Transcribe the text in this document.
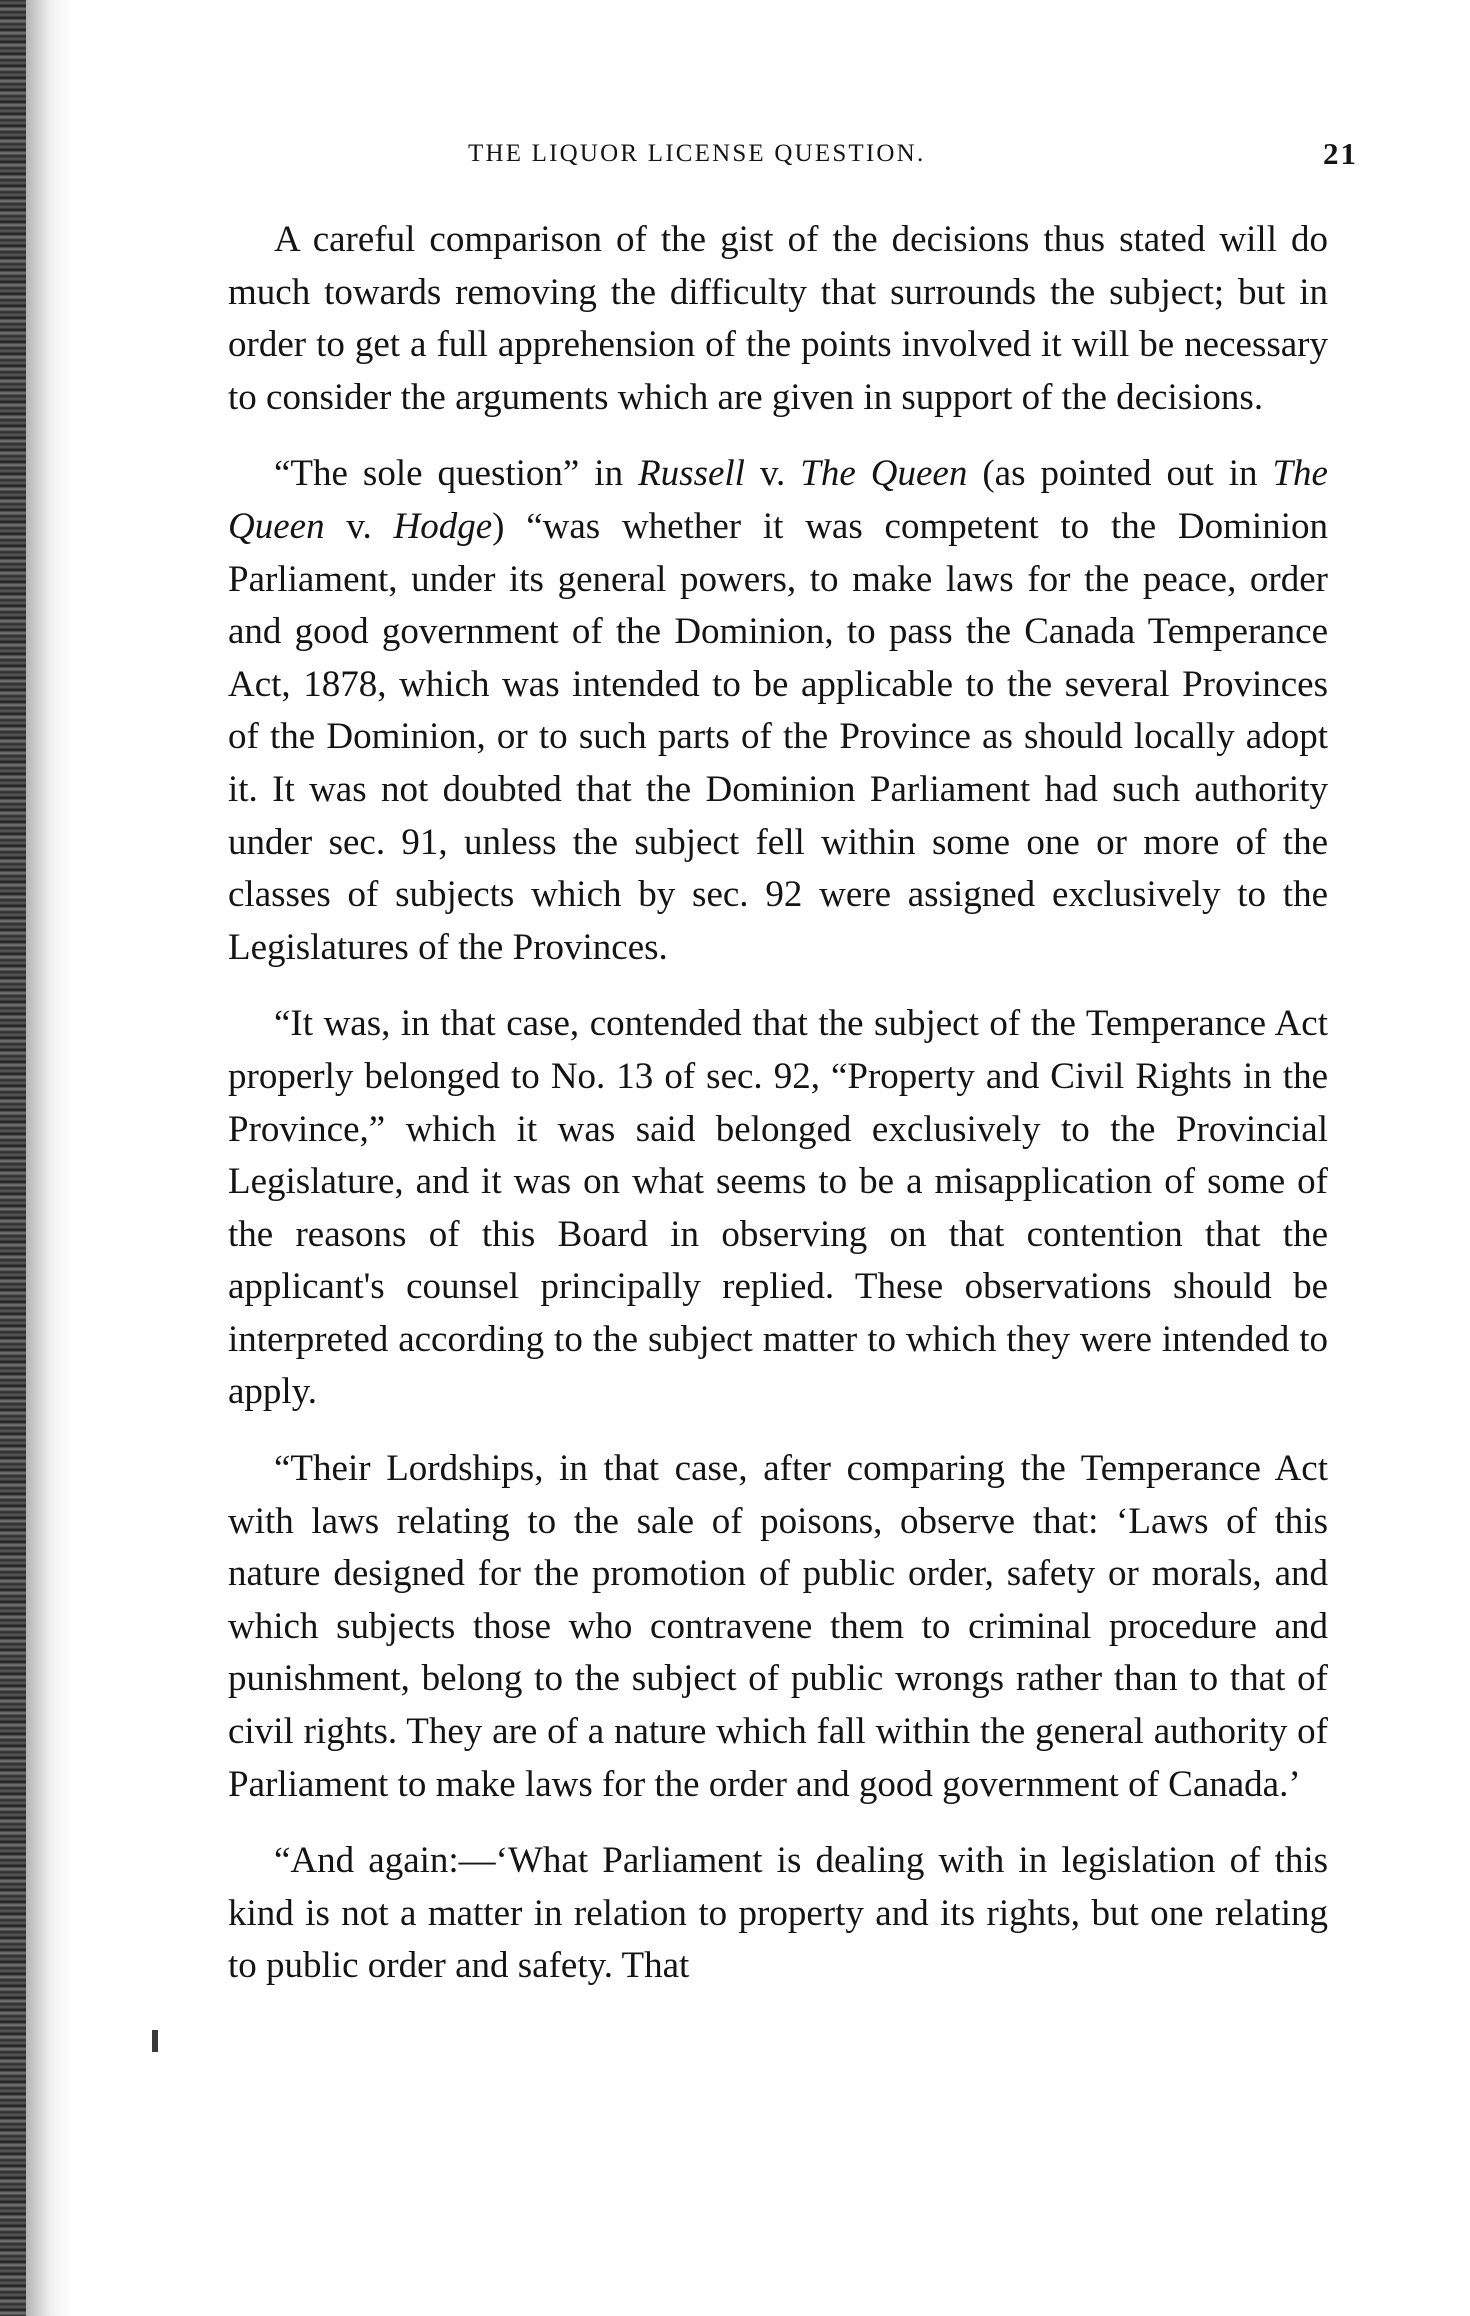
THE LIQUOR LICENSE QUESTION.	21

A careful comparison of the gist of the decisions thus stated will do much towards removing the difficulty that surrounds the subject; but in order to get a full apprehension of the points involved it will be necessary to consider the arguments which are given in support of the decisions.

“The sole question” in Russell v. The Queen (as pointed out in The Queen v. Hodge) “was whether it was competent to the Dominion Parliament, under its general powers, to make laws for the peace, order and good government of the Dominion, to pass the Canada Temperance Act, 1878, which was intended to be applicable to the several Provinces of the Dominion, or to such parts of the Province as should locally adopt it. It was not doubted that the Dominion Parliament had such authority under sec. 91, unless the subject fell within some one or more of the classes of subjects which by sec. 92 were assigned exclusively to the Legislatures of the Provinces.

“It was, in that case, contended that the subject of the Temperance Act properly belonged to No. 13 of sec. 92, “Property and Civil Rights in the Province,” which it was said belonged exclusively to the Provincial Legislature, and it was on what seems to be a misapplication of some of the reasons of this Board in observing on that contention that the applicant's counsel principally replied. These observations should be interpreted according to the subject matter to which they were intended to apply.

“Their Lordships, in that case, after comparing the Temperance Act with laws relating to the sale of poisons, observe that: ‘Laws of this nature designed for the promotion of public order, safety or morals, and which subjects those who contravene them to criminal procedure and punishment, belong to the subject of public wrongs rather than to that of civil rights. They are of a nature which fall within the general authority of Parliament to make laws for the order and good government of Canada.’

“And again:—‘What Parliament is dealing with in legislation of this kind is not a matter in relation to property and its rights, but one relating to public order and safety. That
